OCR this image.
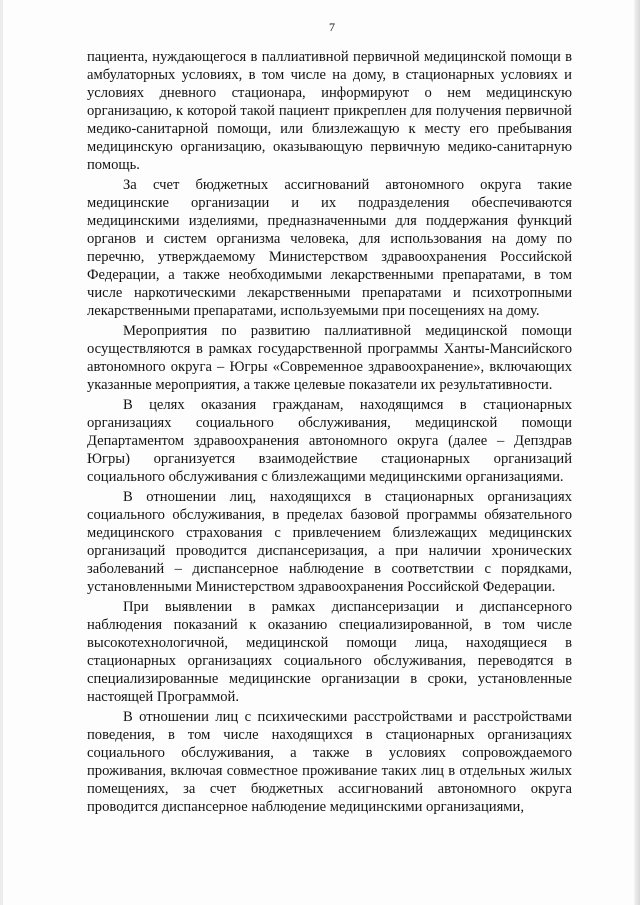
7

пациента, нуждающегося в паллиативной первичной медицинской помощи в амбулаторных условиях, в том числе на дому, в стационарных условиях и условиях дневного стационара, информируют о нем медицинскую организацию, к которой такой пациент прикреплен для получения первичной медико-санитарной помощи, или близлежащую к месту его пребывания медицинскую организацию, оказывающую первичную медико-санитарную помощь.

За счет бюджетных ассигнований автономного округа такие медицинские организации и их подразделения обеспечиваются медицинскими изделиями, предназначенными для поддержания функций органов и систем организма человека, для использования на дому по перечню, утверждаемому Министерством здравоохранения Российской Федерации, а также необходимыми лекарственными препаратами, в том числе наркотическими лекарственными препаратами и психотропными лекарственными препаратами, используемыми при посещениях на дому.

Мероприятия по развитию паллиативной медицинской помощи осуществляются в рамках государственной программы Ханты-Мансийского автономного округа – Югры «Современное здравоохранение», включающих указанные мероприятия, а также целевые показатели их результативности.

В целях оказания гражданам, находящимся в стационарных организациях социального обслуживания, медицинской помощи Департаментом здравоохранения автономного округа (далее – Депздрав Югры) организуется взаимодействие стационарных организаций социального обслуживания с близлежащими медицинскими организациями.

В отношении лиц, находящихся в стационарных организациях социального обслуживания, в пределах базовой программы обязательного медицинского страхования с привлечением близлежащих медицинских организаций проводится диспансеризация, а при наличии хронических заболеваний – диспансерное наблюдение в соответствии с порядками, установленными Министерством здравоохранения Российской Федерации.

При выявлении в рамках диспансеризации и диспансерного наблюдения показаний к оказанию специализированной, в том числе высокотехнологичной, медицинской помощи лица, находящиеся в стационарных организациях социального обслуживания, переводятся в специализированные медицинские организации в сроки, установленные настоящей Программой.

В отношении лиц с психическими расстройствами и расстройствами поведения, в том числе находящихся в стационарных организациях социального обслуживания, а также в условиях сопровождаемого проживания, включая совместное проживание таких лиц в отдельных жилых помещениях, за счет бюджетных ассигнований автономного округа проводится диспансерное наблюдение медицинскими организациями,
